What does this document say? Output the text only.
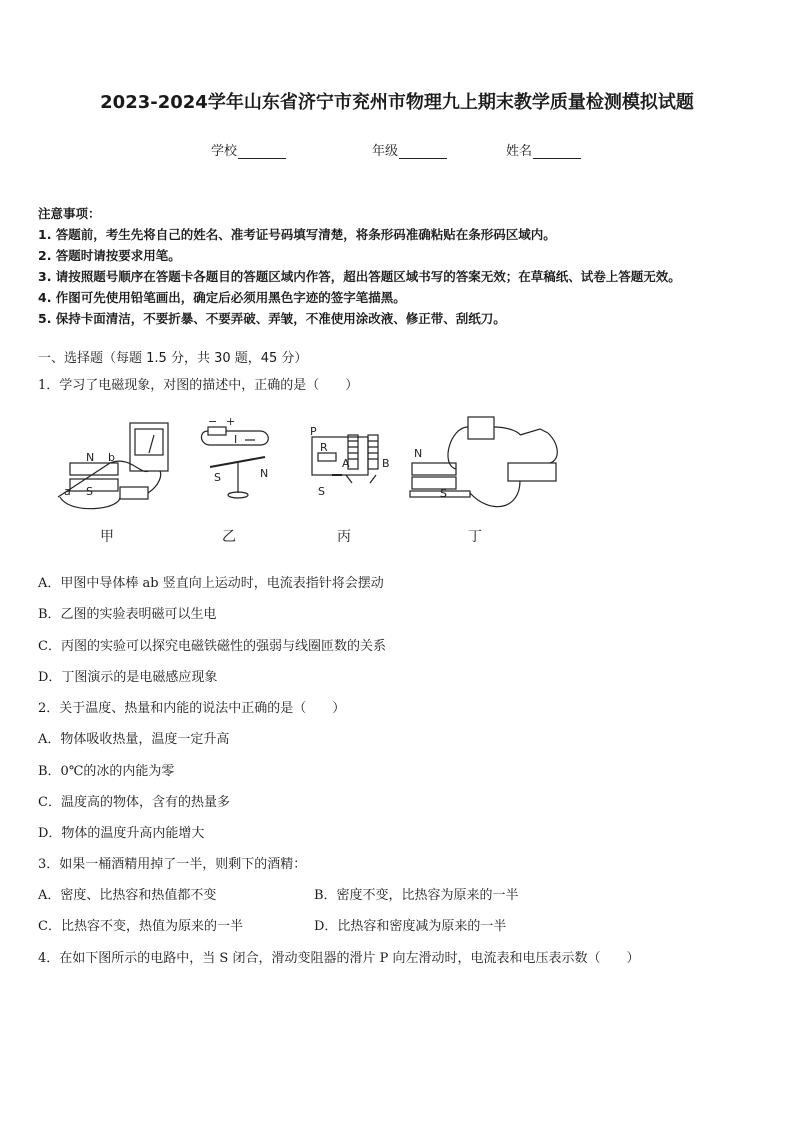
2023-2024学年山东省济宁市兖州市物理九上期末教学质量检测模拟试题
学校	年级	姓名
注意事项：
1. 答题前，考生先将自己的姓名、准考证号码填写清楚，将条形码准确粘贴在条形码区域内。
2. 答题时请按要求用笔。
3. 请按照题号顺序在答题卡各题目的答题区域内作答，超出答题区域书写的答案无效；在草稿纸、试卷上答题无效。
4. 作图可先使用铅笔画出，确定后必须用黑色字迹的签字笔描黑。
5. 保持卡面清洁，不要折暴、不要弄破、弄皱，不准使用涂改液、修正带、刮纸刀。
一、选择题（每题 1.5 分，共 30 题，45 分）
1．学习了电磁现象，对图的描述中，正确的是（　　）
N b
a S
− +
I
S	N
P
R
A	B
S
N
S
甲	乙	丙	丁
A．甲图中导体棒 ab 竖直向上运动时，电流表指针将会摆动
B．乙图的实验表明磁可以生电
C．丙图的实验可以探究电磁铁磁性的强弱与线圈匝数的关系
D．丁图演示的是电磁感应现象
2．关于温度、热量和内能的说法中正确的是（　　）
A．物体吸收热量，温度一定升高
B．0℃的冰的内能为零
C．温度高的物体，含有的热量多
D．物体的温度升高内能增大
3．如果一桶酒精用掉了一半，则剩下的酒精：
A．密度、比热容和热值都不变	B．密度不变，比热容为原来的一半
C．比热容不变，热值为原来的一半	D．比热容和密度减为原来的一半
4．在如下图所示的电路中，当 S 闭合，滑动变阻器的滑片 P 向左滑动时，电流表和电压表示数（　　）
